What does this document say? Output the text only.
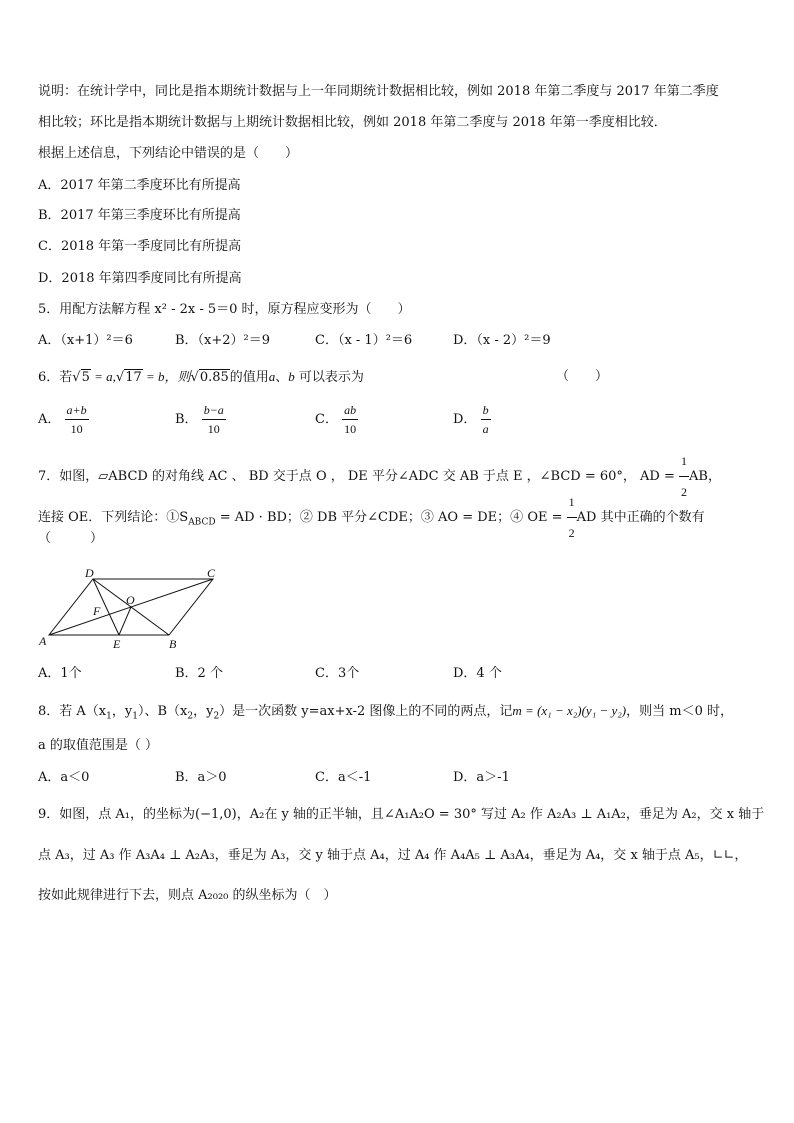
说明：在统计学中，同比是指本期统计数据与上一年同期统计数据相比较，例如 2018 年第二季度与 2017 年第二季度
相比较；环比是指本期统计数据与上期统计数据相比较，例如 2018 年第二季度与 2018 年第一季度相比较．
根据上述信息，下列结论中错误的是（　　）
A．2017 年第二季度环比有所提高
B．2017 年第三季度环比有所提高
C．2018 年第一季度同比有所提高
D．2018 年第四季度同比有所提高
5．用配方法解方程 x² - 2x - 5＝0 时，原方程应变形为（　　）
A．（x+1）²＝6	B．（x+2）²＝9	C．（x - 1）²＝6	D．（x - 2）²＝9
6．若√5 = a,√17 = b，则√0.85的值用a、b 可以表示为	（　　）
A． $\frac{a+b}{10}$	B． $\frac{b-a}{10}$	C． $\frac{ab}{10}$	D． $\frac{b}{a}$
7．如图，▱ABCD 的对角线 AC 、 BD 交于点 O ， DE 平分∠ADC 交 AB 于点 E ，∠BCD = 60°， AD = $\frac{1}{2}$ AB，
连接 OE．下列结论：$①S_{ABCD}$ = AD · BD；② DB 平分∠CDE；③ AO = DE；④ OE = $\frac{1}{2}$ AD 其中正确的个数有
（　　　）
D	C
A	B
E
F
O
A．1个	B．2 个	C．3个	D．4 个
8．若 $A(x_1$，$y_1$）、$B(x_2$，$y_2$）是一次函数 y=ax+x-2 图像上的不同的两点，记m = (x₁ − x₂)(y₁ − y₂)，则当 m＜0 时，
a 的取值范围是（ ）
A．a＜0	B．a＞0	C．a＜-1	D．a＞-1
9．如图，点 A₁，的坐标为(−1,0)，A₂在 y 轴的正半轴，且∠A₁A₂O = 30° 写过 A₂ 作 A₂A₃ ⊥ A₁A₂，垂足为 A₂，交 x 轴于
点 A₃，过 A₃ 作 A₃A₄ ⊥ A₂A₃，垂足为 A₃，交 y 轴于点 A₄，过 A₄ 作 A₄A₅ ⊥ A₃A₄，垂足为 A₄，交 x 轴于点 A₅，∟∟，
按如此规律进行下去，则点 A₂₀₂₀ 的纵坐标为（　）
